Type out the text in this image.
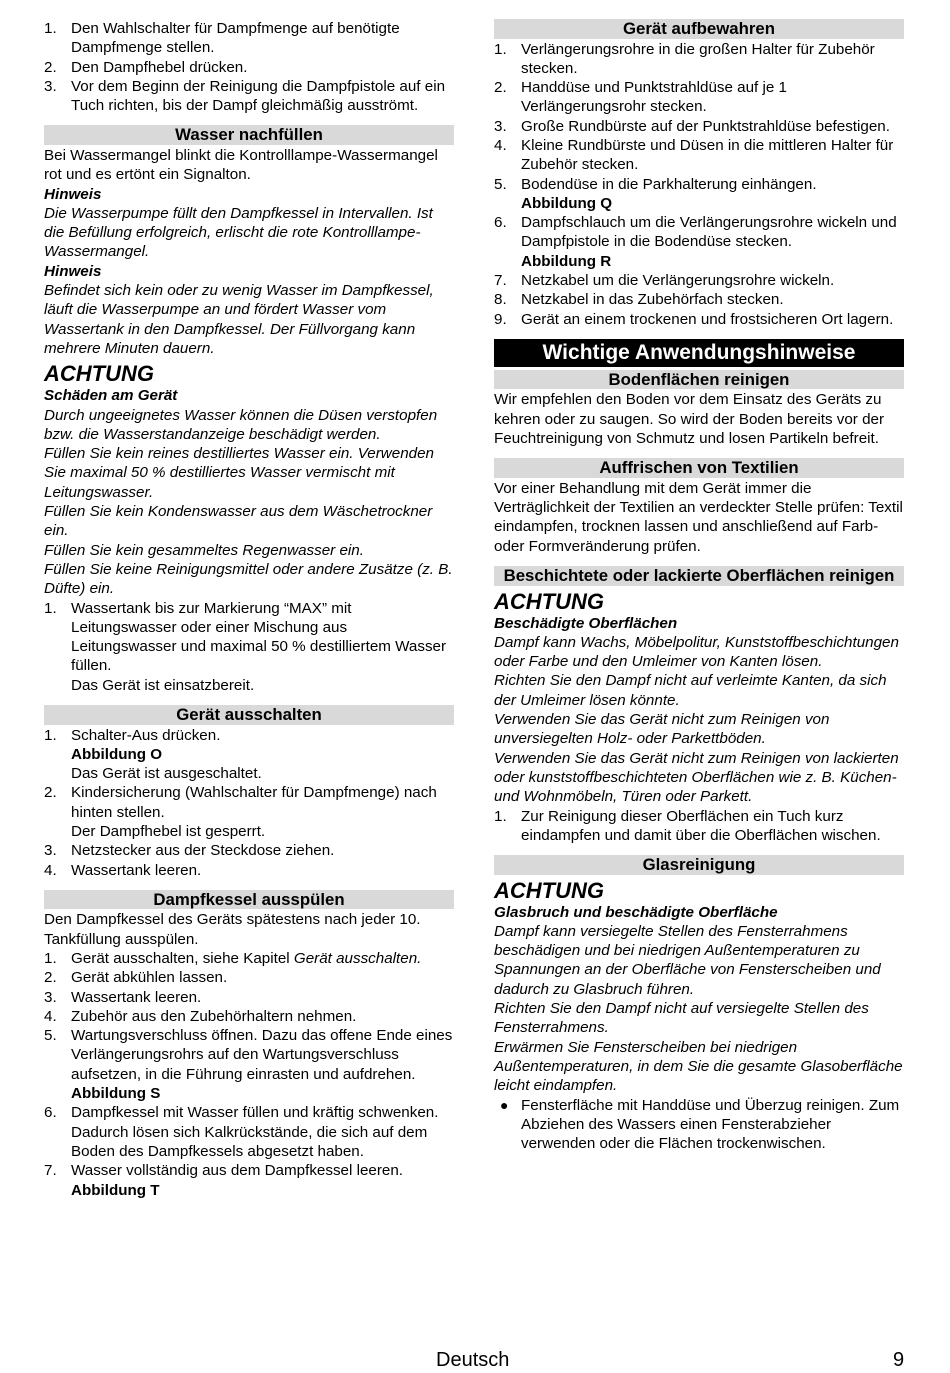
1. Den Wahlschalter für Dampfmenge auf benötigte Dampfmenge stellen.
2. Den Dampfhebel drücken.
3. Vor dem Beginn der Reinigung die Dampfpistole auf ein Tuch richten, bis der Dampf gleichmäßig ausströmt.
Wasser nachfüllen

Bei Wassermangel blinkt die Kontrolllampe-Wassermangel rot und es ertönt ein Signalton.

Hinweis

Die Wasserpumpe füllt den Dampfkessel in Intervallen. Ist die Befüllung erfolgreich, erlischt die rote Kontrolllampe-Wassermangel.

Hinweis

Befindet sich kein oder zu wenig Wasser im Dampfkessel, läuft die Wasserpumpe an und fördert Wasser vom Wassertank in den Dampfkessel. Der Füllvorgang kann mehrere Minuten dauern.

ACHTUNG

Schäden am Gerät

Durch ungeeignetes Wasser können die Düsen verstopfen bzw. die Wasserstandanzeige beschädigt werden.

Füllen Sie kein reines destilliertes Wasser ein. Verwenden Sie maximal 50 % destilliertes Wasser vermischt mit Leitungswasser.

Füllen Sie kein Kondenswasser aus dem Wäschetrockner ein.

Füllen Sie kein gesammeltes Regenwasser ein.

Füllen Sie keine Reinigungsmittel oder andere Zusätze (z. B. Düfte) ein.

1. Wassertank bis zur Markierung “MAX” mit Leitungswasser oder einer Mischung aus Leitungswasser und maximal 50 % destilliertem Wasser füllen.
Das Gerät ist einsatzbereit.
Gerät ausschalten
1. Schalter-Aus drücken.
Abbildung O
Das Gerät ist ausgeschaltet.
2. Kindersicherung (Wahlschalter für Dampfmenge) nach hinten stellen.
Der Dampfhebel ist gesperrt.
3. Netzstecker aus der Steckdose ziehen.
4. Wassertank leeren.
Dampfkessel ausspülen

Den Dampfkessel des Geräts spätestens nach jeder 10. Tankfüllung ausspülen.

1. Gerät ausschalten, siehe Kapitel Gerät ausschalten.
2. Gerät abkühlen lassen.
3. Wassertank leeren.
4. Zubehör aus den Zubehörhaltern nehmen.
5. Wartungsverschluss öffnen. Dazu das offene Ende eines Verlängerungsrohrs auf den Wartungsverschluss aufsetzen, in die Führung einrasten und aufdrehen.
Abbildung S
6. Dampfkessel mit Wasser füllen und kräftig schwenken. Dadurch lösen sich Kalkrückstände, die sich auf dem Boden des Dampfkessels abgesetzt haben.
7. Wasser vollständig aus dem Dampfkessel leeren.
Abbildung T
Gerät aufbewahren
1. Verlängerungsrohre in die großen Halter für Zubehör stecken.
2. Handdüse und Punktstrahldüse auf je 1 Verlängerungsrohr stecken.
3. Große Rundbürste auf der Punktstrahldüse befestigen.
4. Kleine Rundbürste und Düsen in die mittleren Halter für Zubehör stecken.
5. Bodendüse in die Parkhalterung einhängen.
Abbildung Q
6. Dampfschlauch um die Verlängerungsrohre wickeln und Dampfpistole in die Bodendüse stecken.
Abbildung R
7. Netzkabel um die Verlängerungsrohre wickeln.
8. Netzkabel in das Zubehörfach stecken.
9. Gerät an einem trockenen und frostsicheren Ort lagern.
Wichtige Anwendungshinweise
Bodenflächen reinigen

Wir empfehlen den Boden vor dem Einsatz des Geräts zu kehren oder zu saugen. So wird der Boden bereits vor der Feuchtreinigung von Schmutz und losen Partikeln befreit.

Auffrischen von Textilien

Vor einer Behandlung mit dem Gerät immer die Verträglichkeit der Textilien an verdeckter Stelle prüfen: Textil eindampfen, trocknen lassen und anschließend auf Farb- oder Formveränderung prüfen.

Beschichtete oder lackierte Oberflächen reinigen

ACHTUNG

Beschädigte Oberflächen

Dampf kann Wachs, Möbelpolitur, Kunststoffbeschichtungen oder Farbe und den Umleimer von Kanten lösen.

Richten Sie den Dampf nicht auf verleimte Kanten, da sich der Umleimer lösen könnte.

Verwenden Sie das Gerät nicht zum Reinigen von unversiegelten Holz- oder Parkettböden.

Verwenden Sie das Gerät nicht zum Reinigen von lackierten oder kunststoffbeschichteten Oberflächen wie z. B. Küchen- und Wohnmöbeln, Türen oder Parkett.

1. Zur Reinigung dieser Oberflächen ein Tuch kurz eindampfen und damit über die Oberflächen wischen.
Glasreinigung

ACHTUNG

Glasbruch und beschädigte Oberfläche

Dampf kann versiegelte Stellen des Fensterrahmens beschädigen und bei niedrigen Außentemperaturen zu Spannungen an der Oberfläche von Fensterscheiben und dadurch zu Glasbruch führen.

Richten Sie den Dampf nicht auf versiegelte Stellen des Fensterrahmens.

Erwärmen Sie Fensterscheiben bei niedrigen Außentemperaturen, in dem Sie die gesamte Glasoberfläche leicht eindampfen.

● Fensterfläche mit Handdüse und Überzug reinigen. Zum Abziehen des Wassers einen Fensterabzieher verwenden oder die Flächen trockenwischen.
Deutsch	9
